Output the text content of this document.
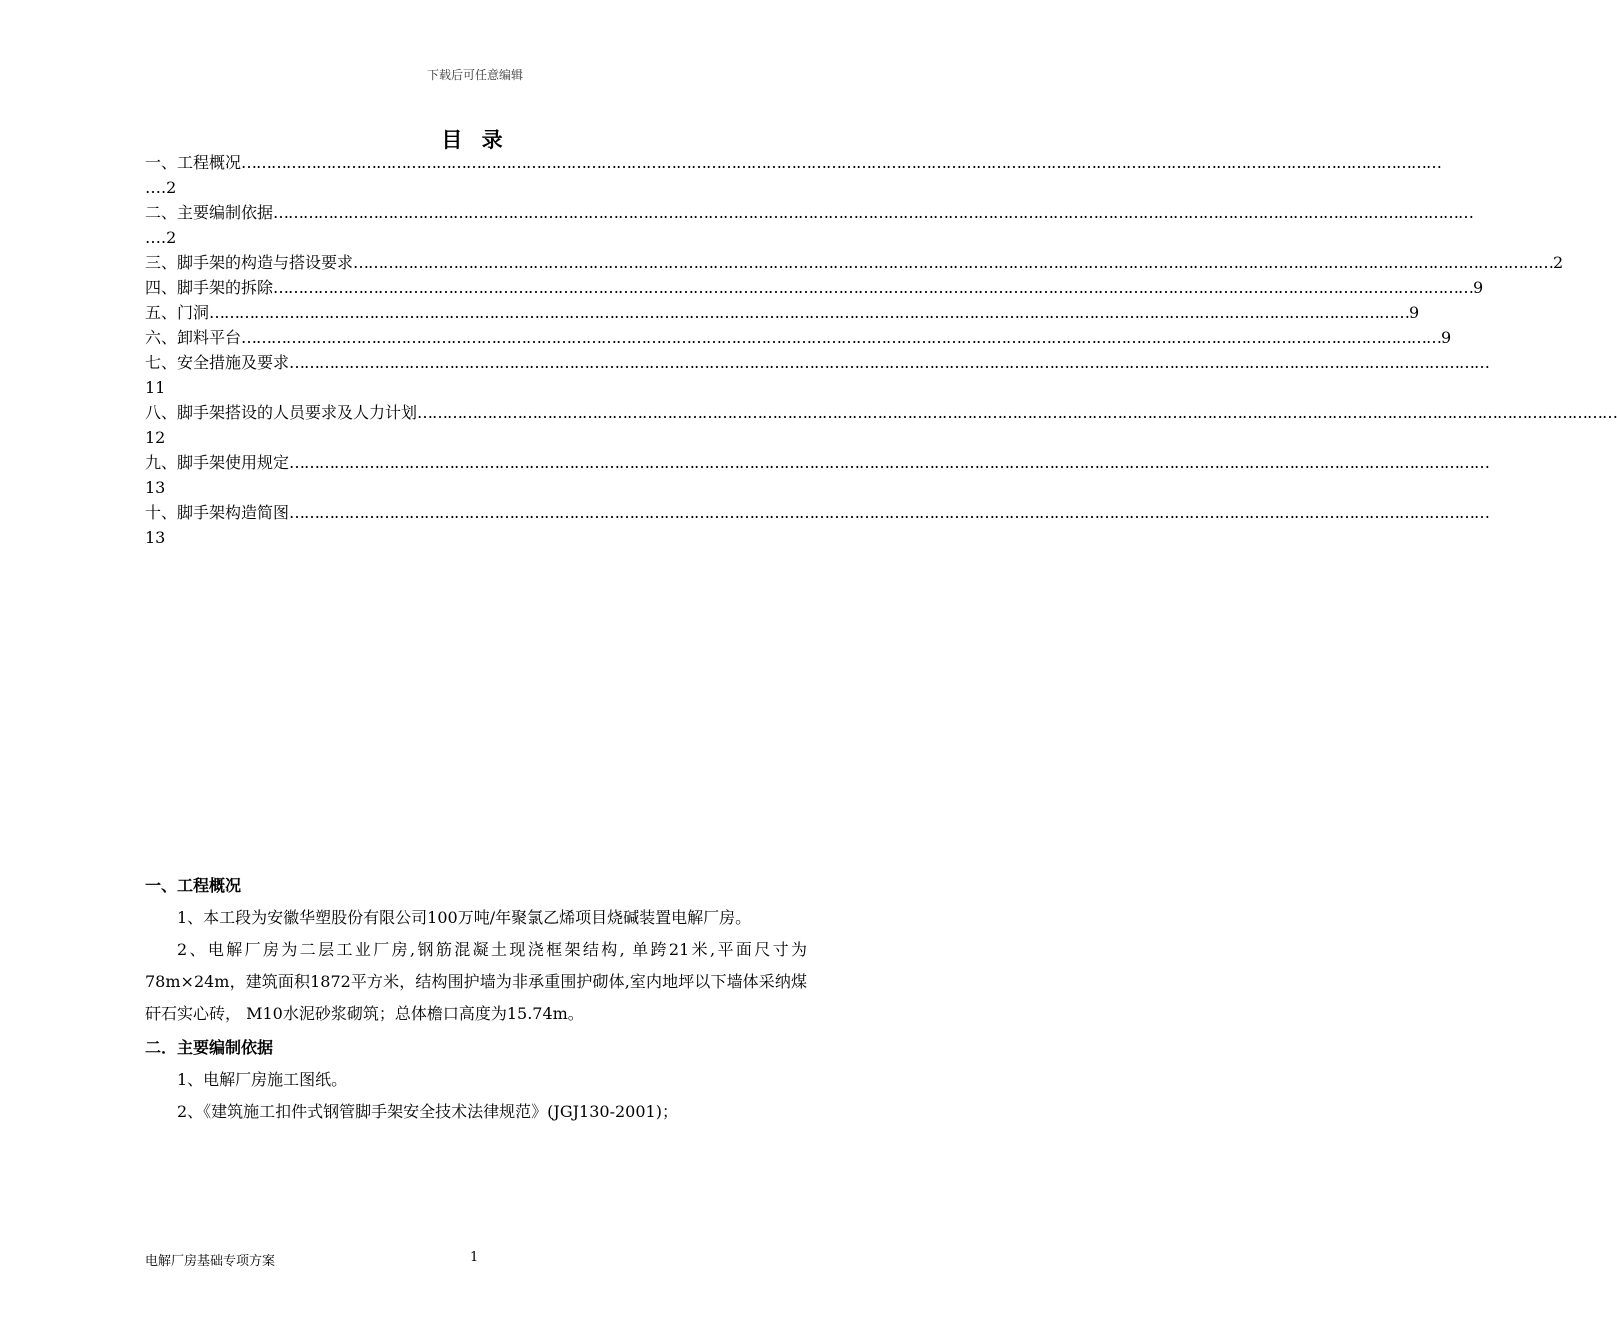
下载后可任意编辑
目 录
一、工程概况 ……………………………………………………………………………………………………………………………………………………………………………………………………………………
….2
二、主要编制依据 ……………………………………………………………………………………………………………………………………………………………………………………………………………………
….2
三、脚手架的构造与搭设要求 …………………………………………………………………………………………………………………………………………………………………………………………………………………… 2
四、脚手架的拆除 …………………………………………………………………………………………………………………………………………………………………………………………………………………… 9
五、门洞 …………………………………………………………………………………………………………………………………………………………………………………………………………………… 9
六、卸料平台 …………………………………………………………………………………………………………………………………………………………………………………………………………………… 9
七、安全措施及要求 ……………………………………………………………………………………………………………………………………………………………………………………………………………………
11
八、脚手架搭设的人员要求及人力计划 ……………………………………………………………………………………………………………………………………………………………………………………………………………………
12
九、脚手架使用规定 ……………………………………………………………………………………………………………………………………………………………………………………………………………………
13
十、脚手架构造简图 ……………………………………………………………………………………………………………………………………………………………………………………………………………………
13
一、工程概况
1、本工段为安徽华塑股份有限公司100万吨/年聚氯乙烯项目烧碱装置电解厂房。
2、电解厂房为二层工业厂房,钢筋混凝土现浇框架结构, 单跨21米,平面尺寸为78m×24m，建筑面积1872平方米，结构围护墙为非承重围护砌体,室内地坪以下墙体采纳煤矸石实心砖， M10水泥砂浆砌筑；总体檐口高度为15.74m。
二．主要编制依据
1、电解厂房施工图纸。
2、《建筑施工扣件式钢管脚手架安全技术法律规范》(JGJ130-2001)；
电解厂房基础专项方案	1
